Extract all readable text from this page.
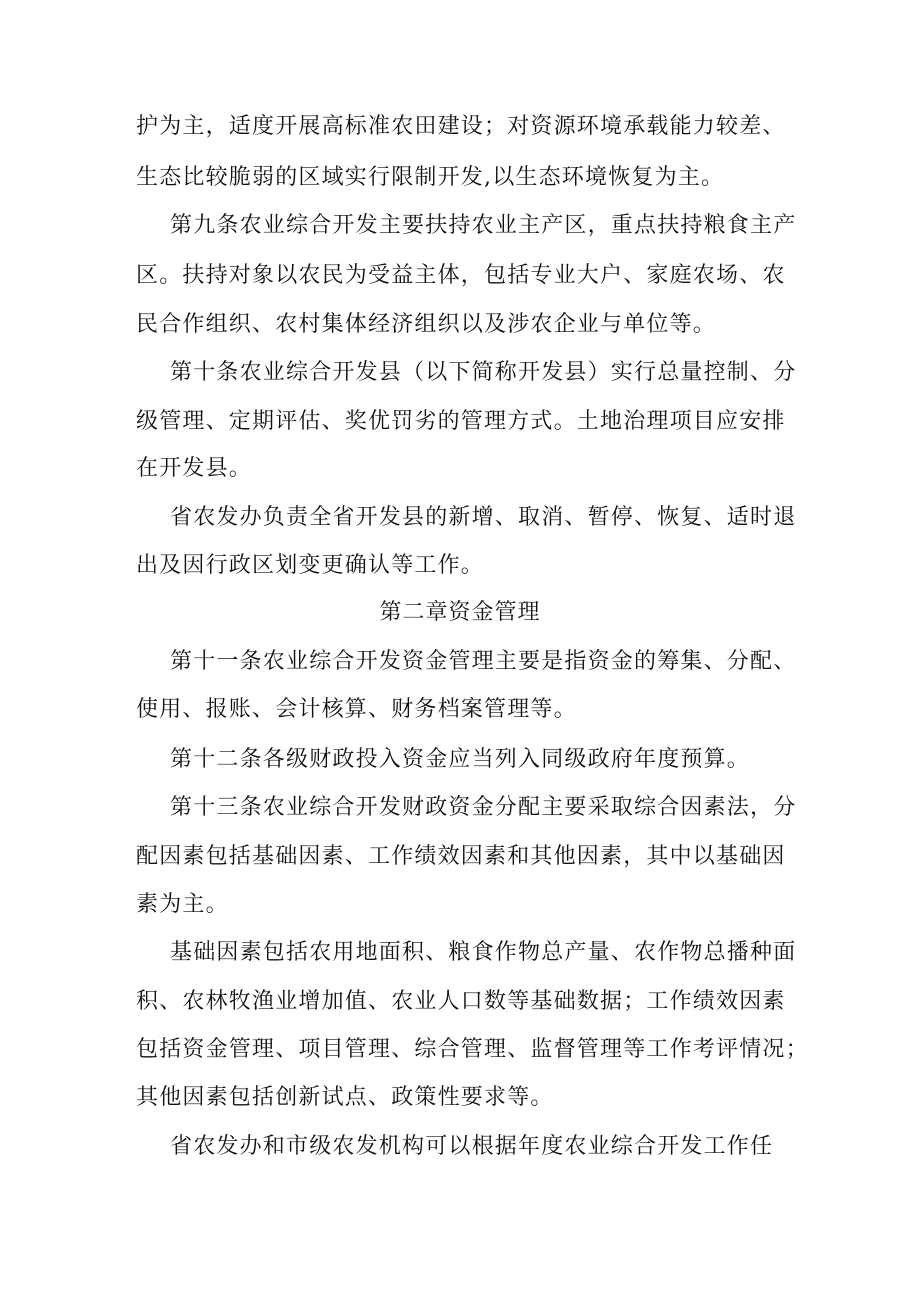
护为主，适度开展高标准农田建设；对资源环境承载能力较差、
生态比较脆弱的区域实行限制开发,以生态环境恢复为主。
第九条农业综合开发主要扶持农业主产区，重点扶持粮食主产
区。扶持对象以农民为受益主体，包括专业大户、家庭农场、农
民合作组织、农村集体经济组织以及涉农企业与单位等。
第十条农业综合开发县（以下简称开发县）实行总量控制、分
级管理、定期评估、奖优罚劣的管理方式。土地治理项目应安排
在开发县。
省农发办负责全省开发县的新增、取消、暂停、恢复、适时退
出及因行政区划变更确认等工作。
第二章资金管理
第十一条农业综合开发资金管理主要是指资金的筹集、分配、
使用、报账、会计核算、财务档案管理等。
第十二条各级财政投入资金应当列入同级政府年度预算。
第十三条农业综合开发财政资金分配主要采取综合因素法，分
配因素包括基础因素、工作绩效因素和其他因素，其中以基础因
素为主。
基础因素包括农用地面积、粮食作物总产量、农作物总播种面
积、农林牧渔业增加值、农业人口数等基础数据；工作绩效因素
包括资金管理、项目管理、综合管理、监督管理等工作考评情况；
其他因素包括创新试点、政策性要求等。
省农发办和市级农发机构可以根据年度农业综合开发工作任
